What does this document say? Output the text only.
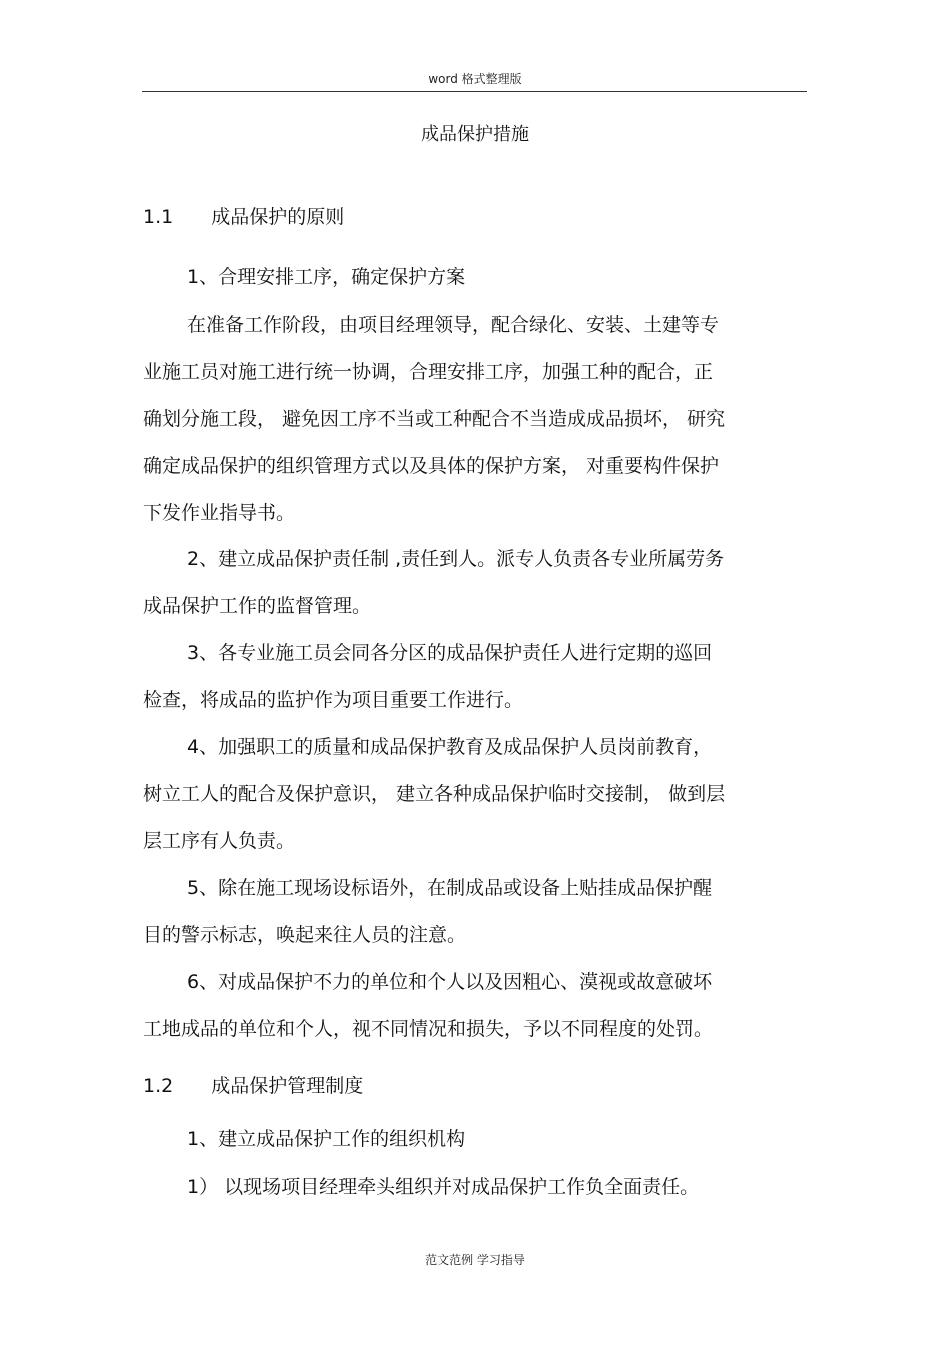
word 格式整理版
成品保护措施
1.1 成品保护的原则
1、合理安排工序，确定保护方案
在准备工作阶段，由项目经理领导，配合绿化、安装、土建等专
业施工员对施工进行统一协调，合理安排工序，加强工种的配合，正
确划分施工段， 避免因工序不当或工种配合不当造成成品损坏， 研究
确定成品保护的组织管理方式以及具体的保护方案， 对重要构件保护
下发作业指导书。
2、建立成品保护责任制 ,责任到人。派专人负责各专业所属劳务
成品保护工作的监督管理。
3、各专业施工员会同各分区的成品保护责任人进行定期的巡回
检查，将成品的监护作为项目重要工作进行。
4、加强职工的质量和成品保护教育及成品保护人员岗前教育，
树立工人的配合及保护意识， 建立各种成品保护临时交接制， 做到层
层工序有人负责。
5、除在施工现场设标语外，在制成品或设备上贴挂成品保护醒
目的警示标志，唤起来往人员的注意。
6、对成品保护不力的单位和个人以及因粗心、漠视或故意破坏
工地成品的单位和个人，视不同情况和损失，予以不同程度的处罚。
1.2 成品保护管理制度
1、建立成品保护工作的组织机构
1） 以现场项目经理牵头组织并对成品保护工作负全面责任。
范文范例 学习指导
